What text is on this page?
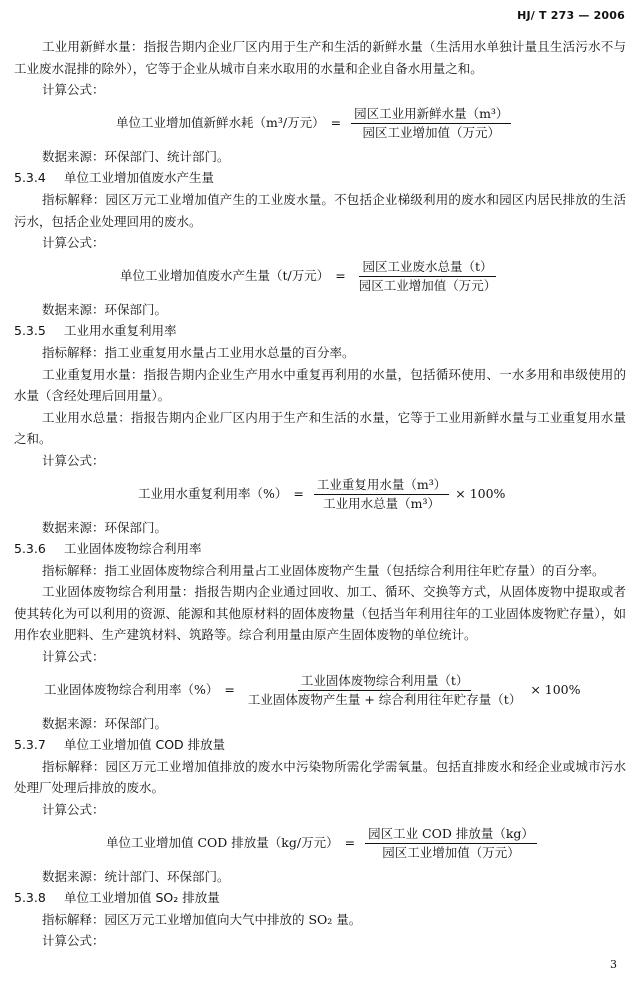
HJ/ T 273 — 2006

工业用新鲜水量：指报告期内企业厂区内用于生产和生活的新鲜水量（生活用水单独计量且生活污水不与工业废水混排的除外），它等于企业从城市自来水取用的水量和企业自备水用量之和。

计算公式：

单位工业增加值新鲜水耗（m³/万元） = $\frac{\text{园区工业用新鲜水量（m³）}}{\text{园区工业增加值（万元）}}$

数据来源：环保部门、统计部门。

5.3.4 单位工业增加值废水产生量

指标解释：园区万元工业增加值产生的工业废水量。不包括企业梯级利用的废水和园区内居民排放的生活污水，包括企业处理回用的废水。

计算公式：

单位工业增加值废水产生量（t/万元） = $\frac{\text{园区工业废水总量（t）}}{\text{园区工业增加值（万元）}}$

数据来源：环保部门。

5.3.5 工业用水重复利用率

指标解释：指工业重复用水量占工业用水总量的百分率。

工业重复用水量：指报告期内企业生产用水中重复再利用的水量，包括循环使用、一水多用和串级使用的水量（含经处理后回用量）。

工业用水总量：指报告期内企业厂区内用于生产和生活的水量，它等于工业用新鲜水量与工业重复用水量之和。

计算公式：

工业用水重复利用率（%） = $\frac{\text{工业重复用水量（m³）}}{\text{工业用水总量（m³）}} \times 100\%$

数据来源：环保部门。

5.3.6 工业固体废物综合利用率

指标解释：指工业固体废物综合利用量占工业固体废物产生量（包括综合利用往年贮存量）的百分率。

工业固体废物综合利用量：指报告期内企业通过回收、加工、循环、交换等方式，从固体废物中提取或者使其转化为可以利用的资源、能源和其他原材料的固体废物量（包括当年利用往年的工业固体废物贮存量），如用作农业肥料、生产建筑材料、筑路等。综合利用量由原产生固体废物的单位统计。

计算公式：

工业固体废物综合利用率（%） = $\frac{\text{工业固体废物综合利用量（t）}}{\text{工业固体废物产生量 + 综合利用往年贮存量（t）}} \times 100\%$

数据来源：环保部门。

5.3.7 单位工业增加值 COD 排放量

指标解释：园区万元工业增加值排放的废水中污染物所需化学需氧量。包括直排废水和经企业或城市污水处理厂处理后排放的废水。

计算公式：

单位工业增加值 COD 排放量（kg/万元） = $\frac{\text{园区工业 COD 排放量（kg）}}{\text{园区工业增加值（万元）}}$

数据来源：统计部门、环保部门。

5.3.8 单位工业增加值 SO₂ 排放量

指标解释：园区万元工业增加值向大气中排放的 SO₂ 量。

计算公式：

3
